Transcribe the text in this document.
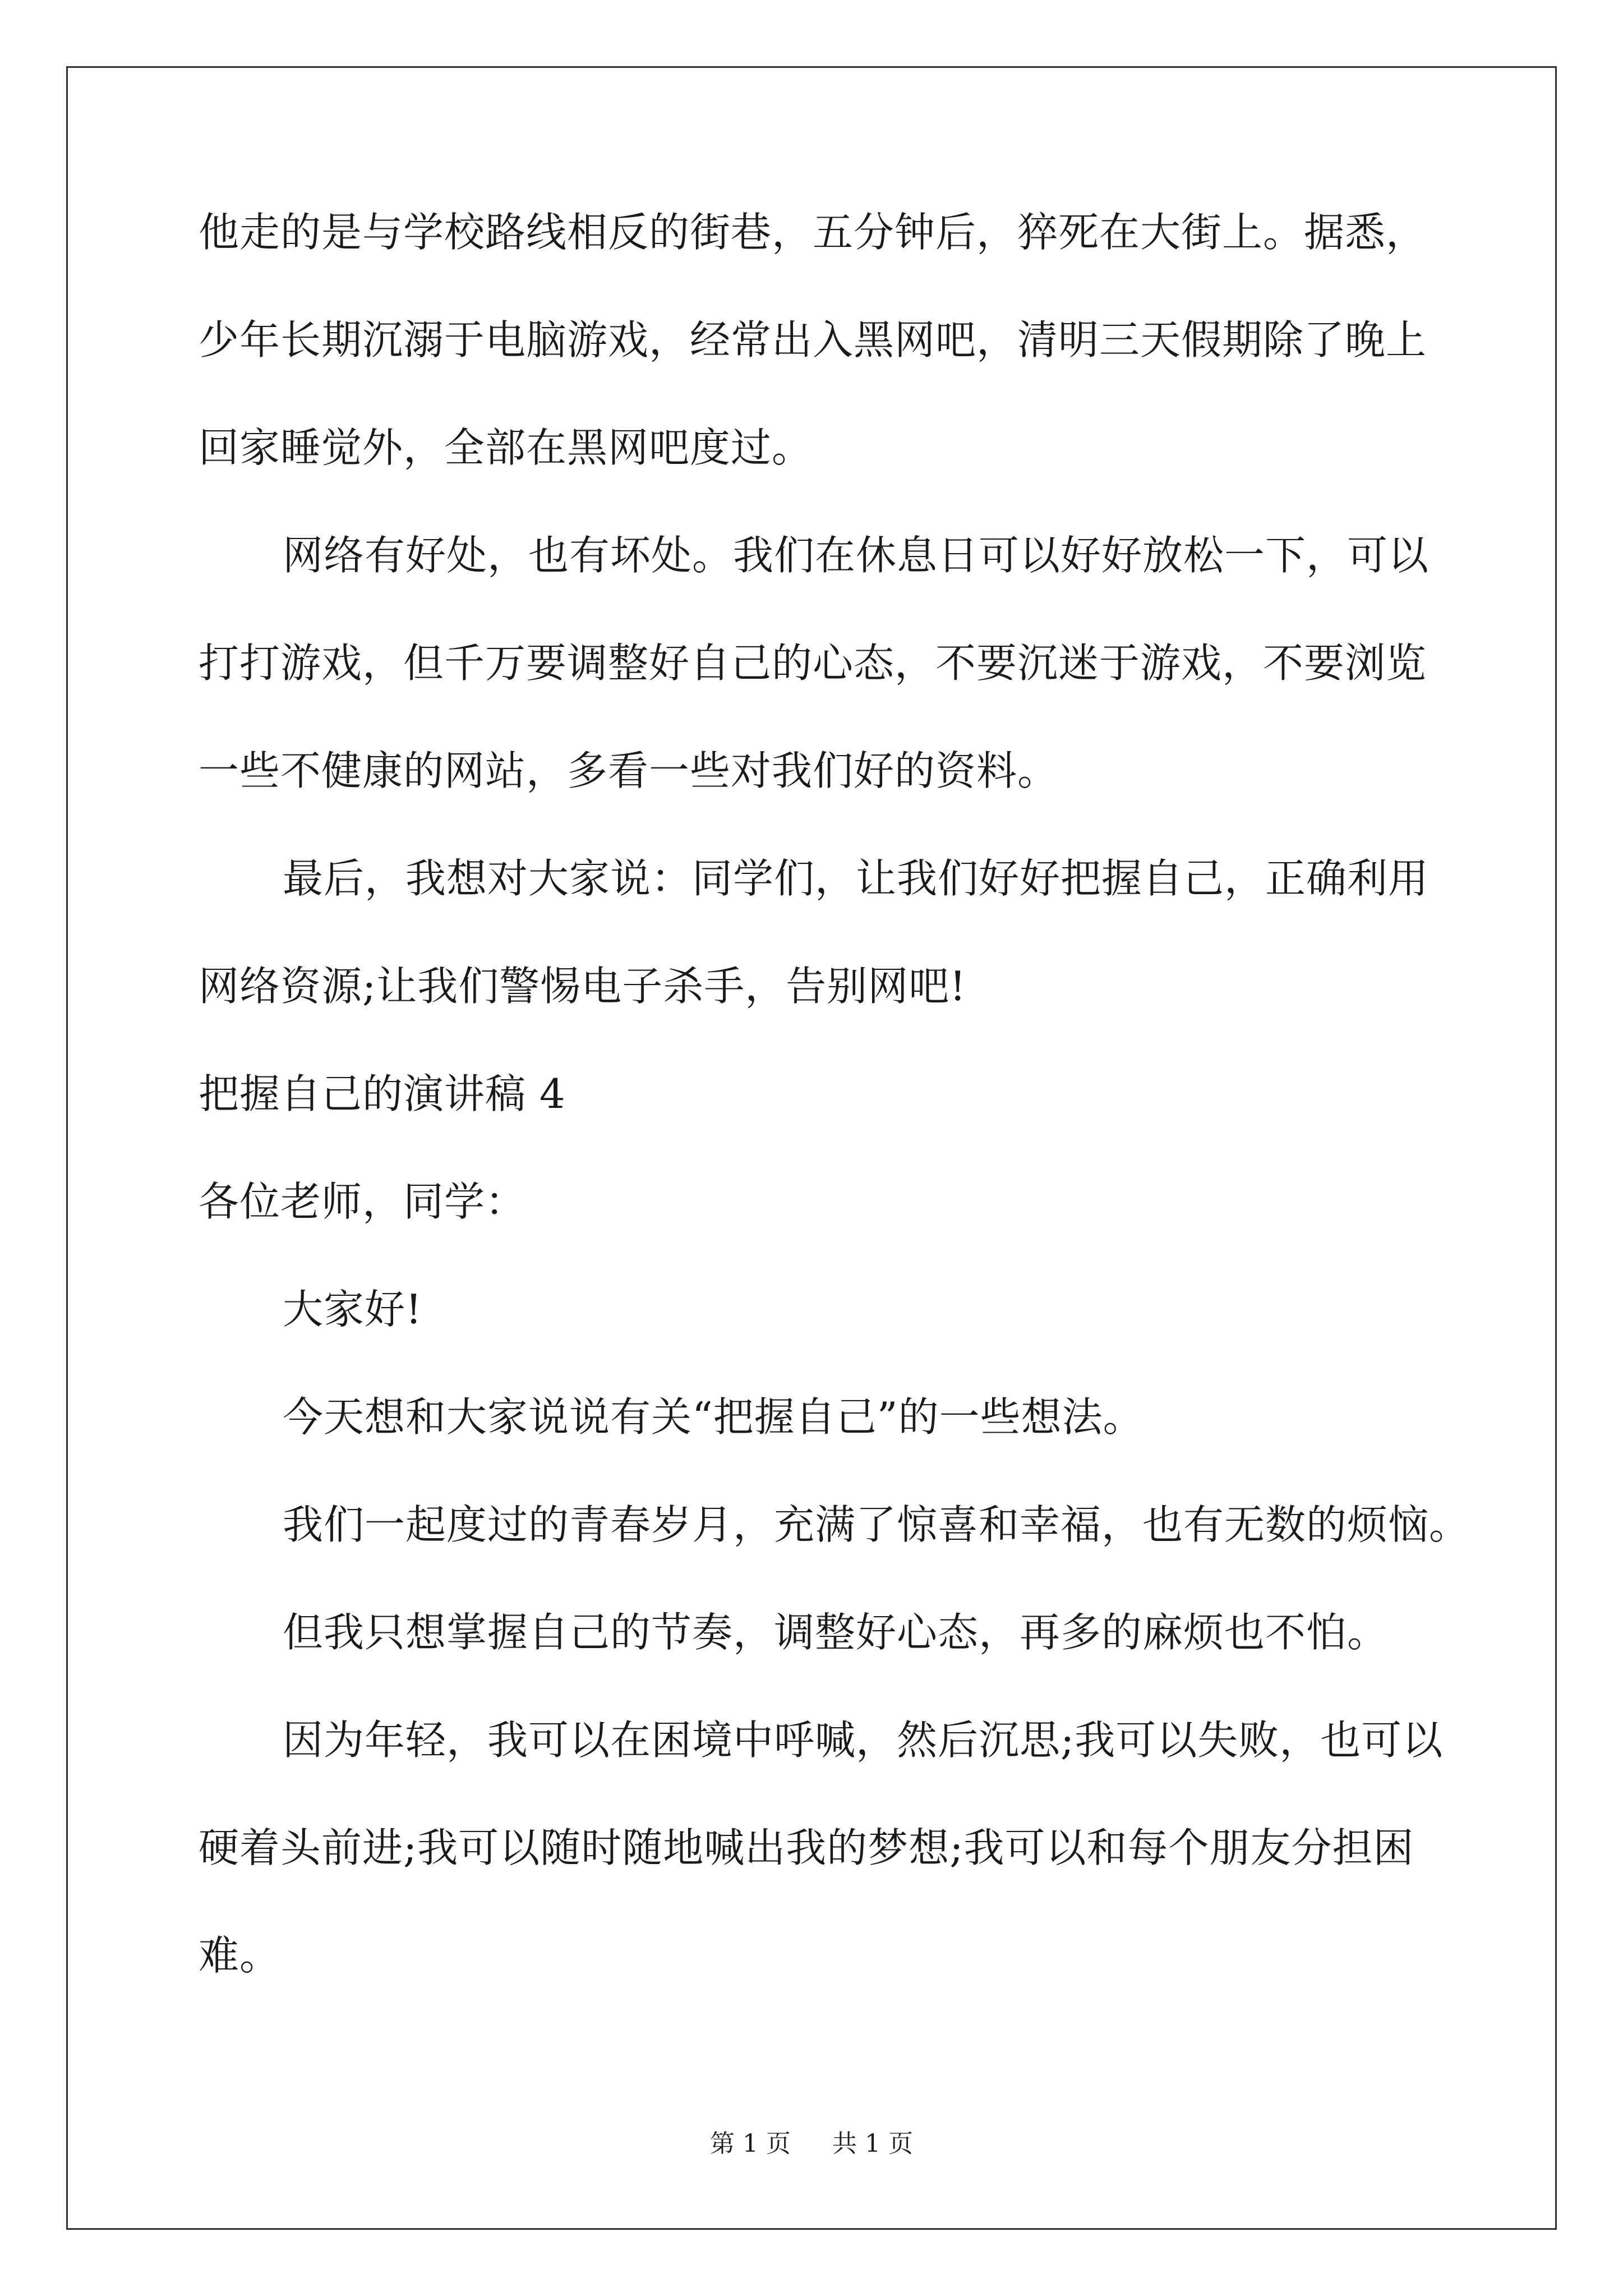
他走的是与学校路线相反的街巷，五分钟后，猝死在大街上。据悉，

少年长期沉溺于电脑游戏，经常出入黑网吧，清明三天假期除了晚上

回家睡觉外，全部在黑网吧度过。

网络有好处，也有坏处。我们在休息日可以好好放松一下，可以

打打游戏，但千万要调整好自己的心态，不要沉迷于游戏，不要浏览

一些不健康的网站，多看一些对我们好的资料。

最后，我想对大家说：同学们，让我们好好把握自己，正确利用

网络资源;让我们警惕电子杀手，告别网吧!

把握自己的演讲稿 4

各位老师，同学：

大家好!

今天想和大家说说有关“把握自己”的一些想法。

我们一起度过的青春岁月，充满了惊喜和幸福，也有无数的烦恼。

但我只想掌握自己的节奏，调整好心态，再多的麻烦也不怕。

因为年轻，我可以在困境中呼喊，然后沉思;我可以失败，也可以

硬着头前进;我可以随时随地喊出我的梦想;我可以和每个朋友分担困

难。

第 1 页 共 1 页
